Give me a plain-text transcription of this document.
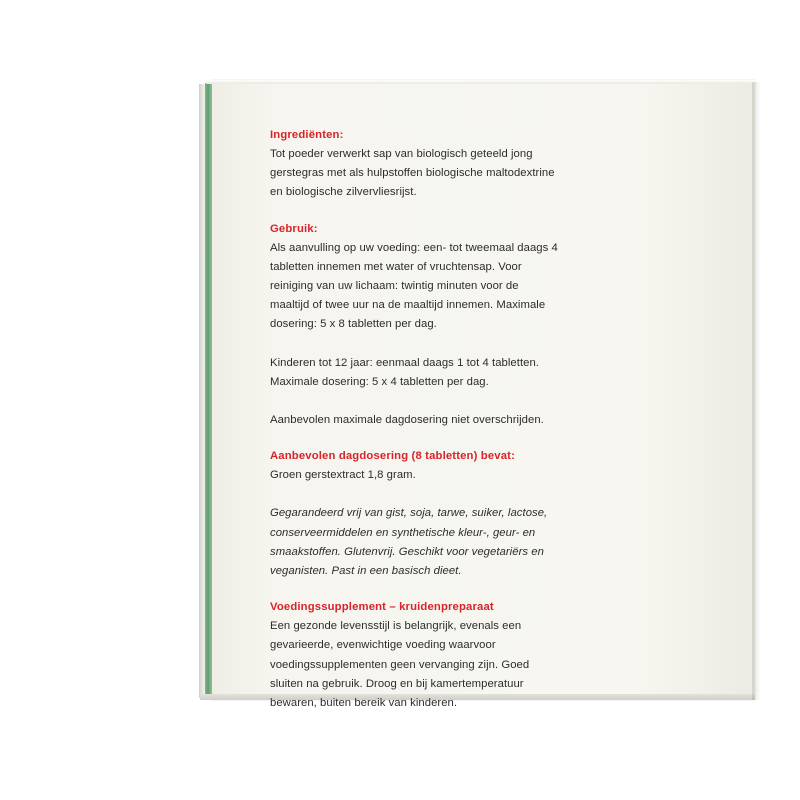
Ingrediënten:

Tot poeder verwerkt sap van biologisch geteeld jong gerstegras met als hulpstoffen biologische maltodextrine en biologische zilvervliesrijst.

Gebruik:

Als aanvulling op uw voeding: een- tot tweemaal daags 4 tabletten innemen met water of vruchtensap. Voor reiniging van uw lichaam: twintig minuten voor de maaltijd of twee uur na de maaltijd innemen. Maximale dosering: 5 x 8 tabletten per dag.

Kinderen tot 12 jaar: eenmaal daags 1 tot 4 tabletten. Maximale dosering: 5 x 4 tabletten per dag.

Aanbevolen maximale dagdosering niet overschrijden.

Aanbevolen dagdosering (8 tabletten) bevat:

Groen gerstextract 1,8 gram.

Gegarandeerd vrij van gist, soja, tarwe, suiker, lactose, conserveermiddelen en synthetische kleur-, geur- en smaakstoffen. Glutenvrij. Geschikt voor vegetariërs en veganisten. Past in een basisch dieet.

Voedingssupplement – kruidenpreparaat

Een gezonde levensstijl is belangrijk, evenals een gevarieerde, evenwichtige voeding waarvoor voedingssupplementen geen vervanging zijn. Goed sluiten na gebruik. Droog en bij kamertemperatuur bewaren, buiten bereik van kinderen.
